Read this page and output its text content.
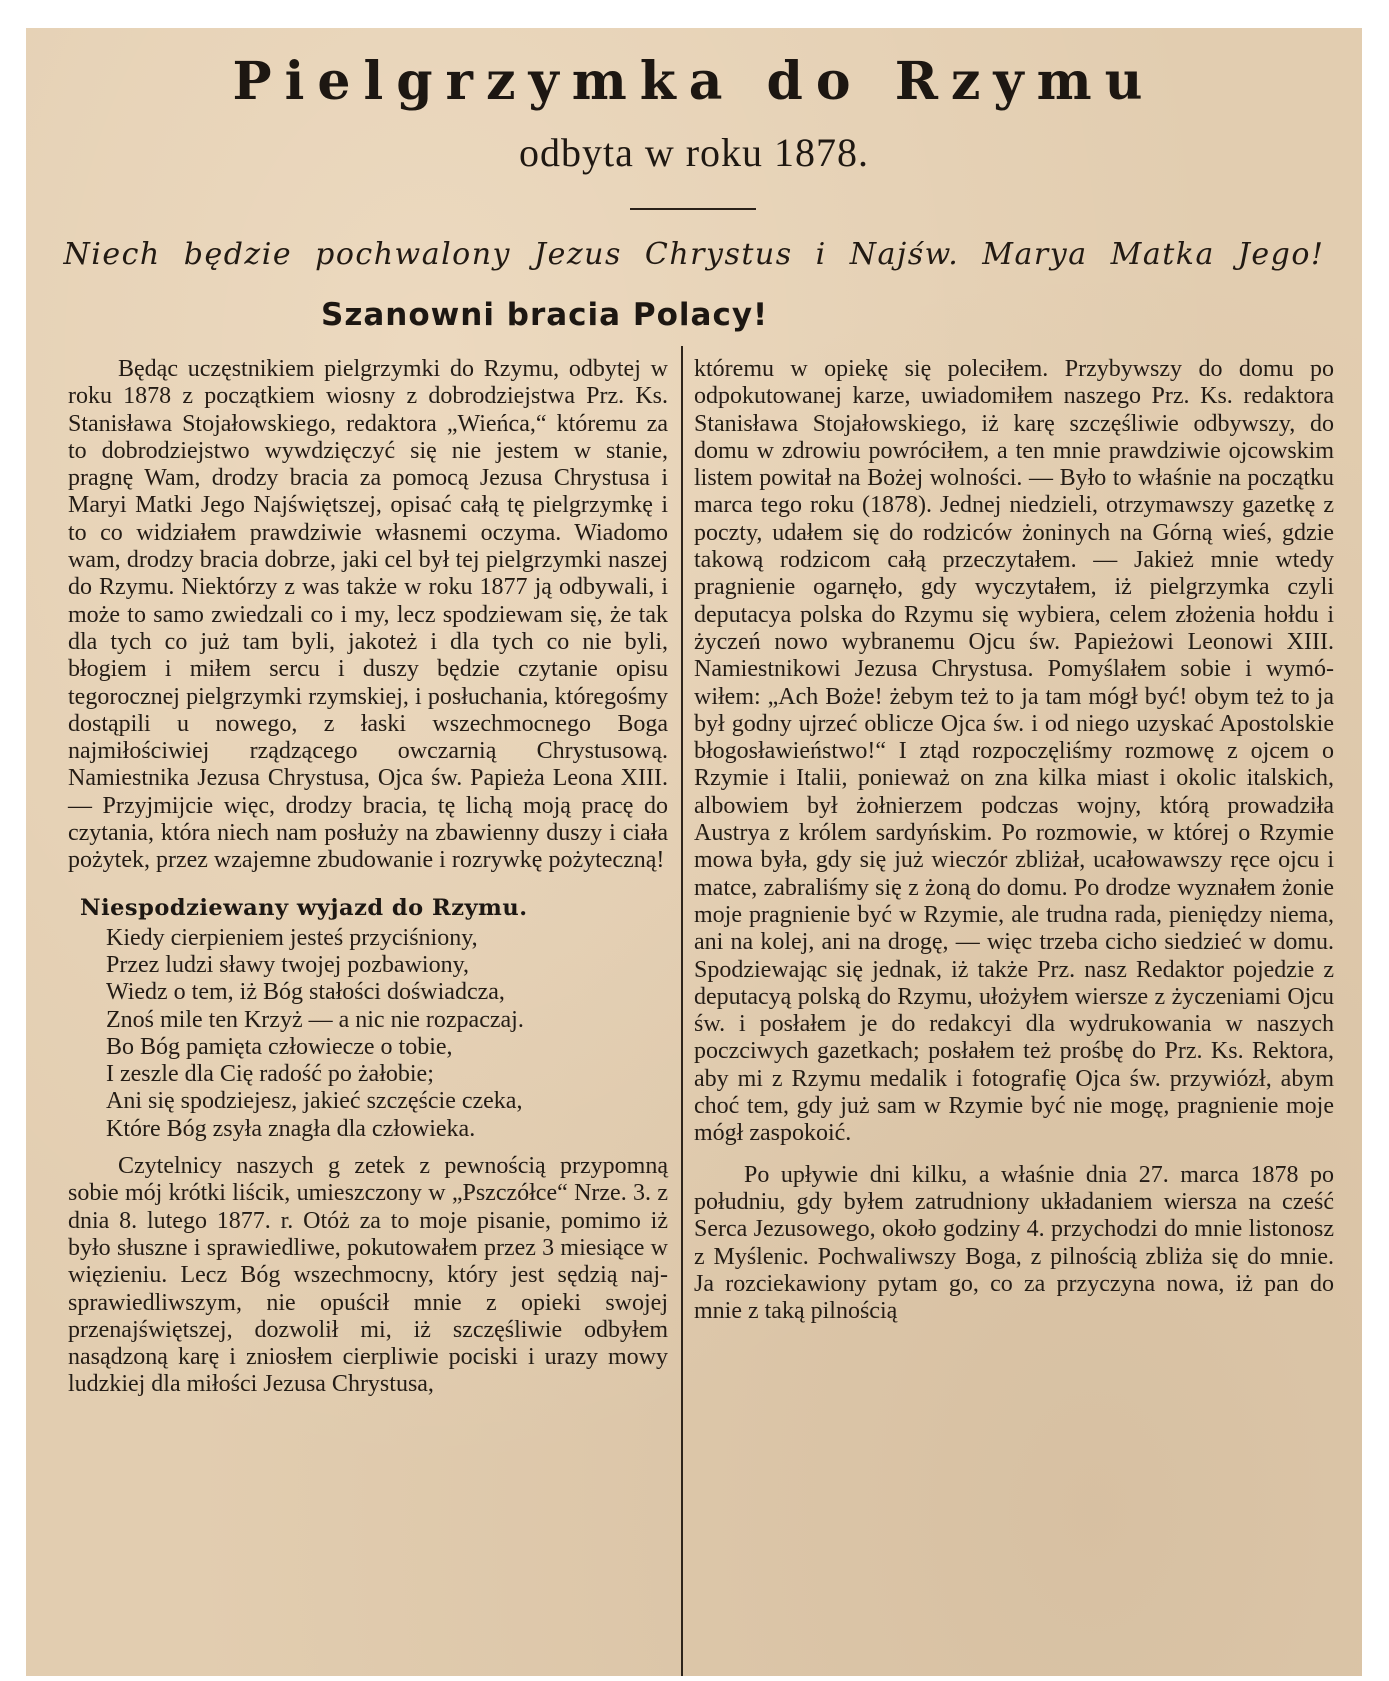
Pielgrzymka do Rzymu
odbyta w roku 1878.
Niech będzie pochwalony Jezus Chrystus i Najśw. Marya Matka Jego!
Szanowni bracia Polacy!

Będąc uczęstnikiem pielgrzymki do Rzymu, odbytej w roku 1878 z początkiem wiosny z dobrodziejstwa Prz. Ks. Stanisława Stojałowskiego, redaktora „Wieńca,“ któremu za to dobrodziejstwo wywdzięczyć się nie jestem w stanie, pragnę Wam, drodzy bracia za pomocą Jezusa Chrystusa i Maryi Matki Jego Najświętszej, opisać całą tę pielgrzymkę i to co widziałem prawdziwie własnemi oczyma. Wiadomo wam, drodzy bracia dobrze, jaki cel był tej pielgrzymki naszej do Rzymu. Niektórzy z was także w roku 1877 ją odbywali, i może to samo zwiedzali co i my, lecz spodziewam się, że tak dla tych co już tam byli, jakoteż i dla tych co nie byli, błogiem i miłem sercu i duszy będzie czytanie opisu tegorocznej pielgrzymki rzymskiej, i posłuchania, któregośmy dostąpili u nowego, z łaski wszechmocnego Boga najmiłościwiej rządzącego owczarnią Chrystusową. Namiestnika Jezusa Chrystusa, Ojca św. Papieża Leona XIII. — Przyjmijcie więc, drodzy bracia, tę lichą moją pracę do czytania, która niech nam posłuży na zbawienny duszy i ciała pożytek, przez wzajemne zbudowanie i rozrywkę pożyteczną!

Niespodziewany wyjazd do Rzymu.
Kiedy cierpieniem jesteś przyciśniony,
Przez ludzi sławy twojej pozbawiony,
Wiedz o tem, iż Bóg stałości doświadcza,
Znoś mile ten Krzyż — a nic nie rozpaczaj.
Bo Bóg pamięta człowiecze o tobie,
I zeszle dla Cię radość po żałobie;
Ani się spodziejesz, jakieć szczęście czeka,
Które Bóg zsyła znagła dla człowieka.

Czytelnicy naszych g zetek z pewnością przypomną sobie mój krótki liścik, umieszczony w „Pszczółce“ Nrze. 3. z dnia 8. lutego 1877. r. Otóż za to moje pisanie, pomimo iż było słuszne i sprawiedliwe, pokutowałem przez 3 miesiące w więzieniu. Lecz Bóg wszechmocny, który jest sędzią najsprawiedliwszym, nie opuścił mnie z opieki swojej przenajświętszej, dozwolił mi, iż szczęśliwie odbyłem nasądzoną karę i zniosłem cierpliwie pociski i urazy mowy ludzkiej dla miłości Jezusa Chrystusa,

któremu w opiekę się poleciłem. Przybywszy do domu po odpokutowanej karze, uwiadomiłem naszego Prz. Ks. redaktora Stanisława Stojałowskiego, iż karę szczęśliwie odbywszy, do domu w zdrowiu powróciłem, a ten mnie prawdziwie ojcowskim listem powitał na Bożej wolności. — Było to właśnie na początku marca tego roku (1878). Jednej niedzieli, otrzymawszy gazetkę z poczty, udałem się do rodziców żoninych na Górną wieś, gdzie takową rodzicom całą przeczytałem. — Jakież mnie wtedy pragnienie ogarnęło, gdy wyczytałem, iż pielgrzymka czyli deputacya polska do Rzymu się wybiera, celem złożenia hołdu i życzeń nowo wybranemu Ojcu św. Papieżowi Leonowi XIII. Namiestnikowi Jezusa Chrystusa. Pomyślałem sobie i wymówiłem: „Ach Boże! żebym też to ja tam mógł być! obym też to ja był godny ujrzeć oblicze Ojca św. i od niego uzyskać Apostolskie błogosławieństwo!“ I ztąd rozpoczęliśmy rozmowę z ojcem o Rzymie i Italii, ponieważ on zna kilka miast i okolic italskich, albowiem był żołnierzem podczas wojny, którą prowadziła Austrya z królem sardyńskim. Po rozmowie, w której o Rzymie mowa była, gdy się już wieczór zbliżał, ucałowawszy ręce ojcu i matce, zabraliśmy się z żoną do domu. Po drodze wyznałem żonie moje pragnienie być w Rzymie, ale trudna rada, pieniędzy niema, ani na kolej, ani na drogę, — więc trzeba cicho siedzieć w domu. Spodziewając się jednak, iż także Prz. nasz Redaktor pojedzie z deputacyą polską do Rzymu, ułożyłem wiersze z życzeniami Ojcu św. i posłałem je do redakcyi dla wydrukowania w naszych poczciwych gazetkach; posłałem też prośbę do Prz. Ks. Rektora, aby mi z Rzymu medalik i fotografię Ojca św. przywiózł, abym choć tem, gdy już sam w Rzymie być nie mogę, pragnienie moje mógł zaspokoić.

Po upływie dni kilku, a właśnie dnia 27. marca 1878 po południu, gdy byłem zatrudniony układaniem wiersza na cześć Serca Jezusowego, około godziny 4. przychodzi do mnie listonosz z Myślenic. Pochwaliwszy Boga, z pilnością zbliża się do mnie. Ja rozciekawiony pytam go, co za przyczyna nowa, iż pan do mnie z taką pilnością
